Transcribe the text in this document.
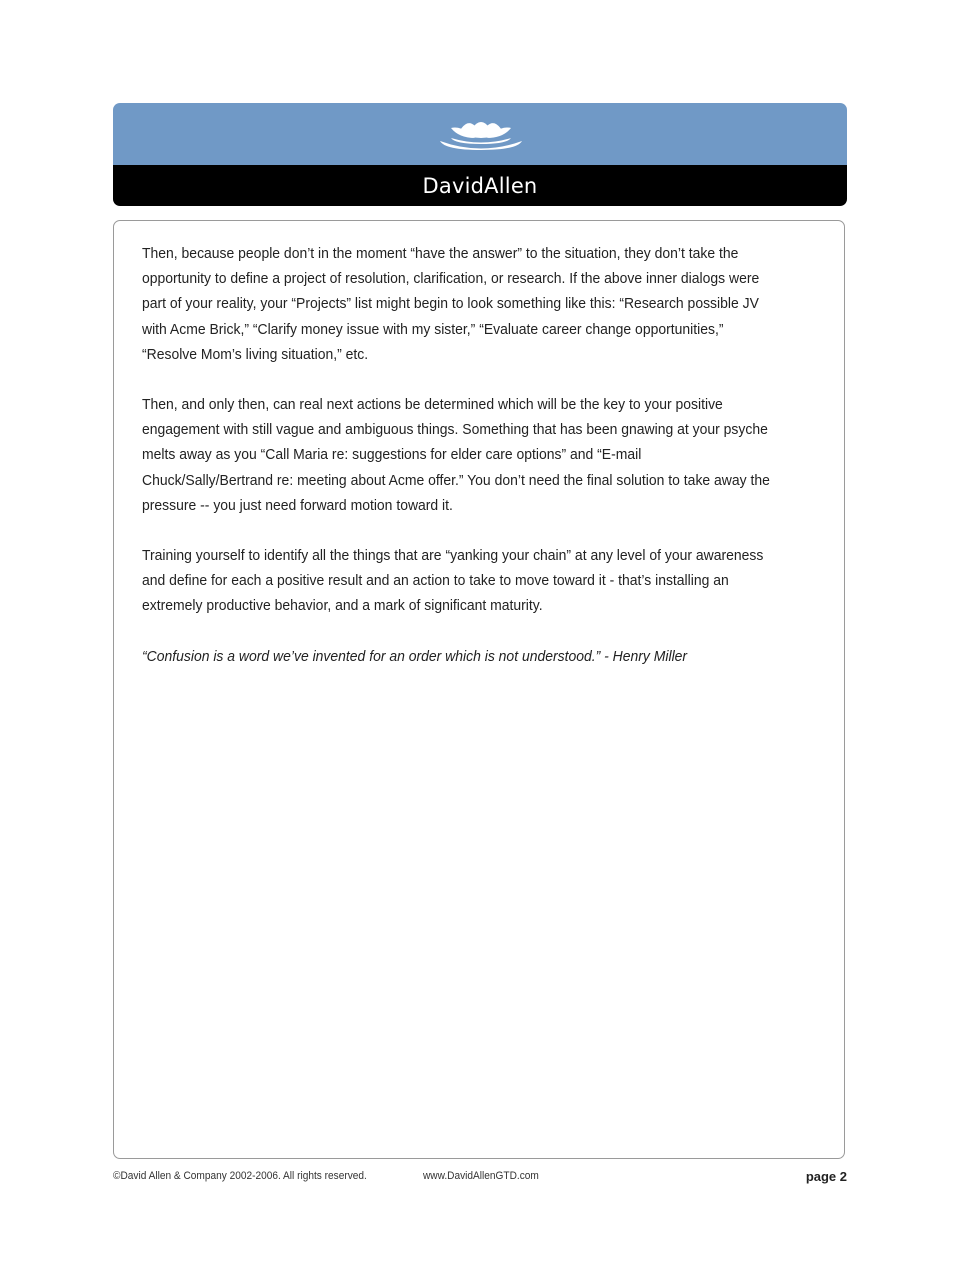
DavidAllen

Then, because people don’t in the moment “have the answer” to the situation, they don’t take the opportunity to define a project of resolution, clarification, or research. If the above inner dialogs were part of your reality, your “Projects” list might begin to look something like this: “Research possible JV with Acme Brick,” “Clarify money issue with my sister,” “Evaluate career change opportunities,” “Resolve Mom’s living situation,” etc.

Then, and only then, can real next actions be determined which will be the key to your positive engagement with still vague and ambiguous things. Something that has been gnawing at your psyche melts away as you “Call Maria re: suggestions for elder care options” and “E-mail Chuck/Sally/Bertrand re: meeting about Acme offer.” You don’t need the final solution to take away the pressure -- you just need forward motion toward it.

Training yourself to identify all the things that are “yanking your chain” at any level of your awareness and define for each a positive result and an action to take to move toward it - that’s installing an extremely productive behavior, and a mark of significant maturity.

“Confusion is a word we’ve invented for an order which is not understood.” - Henry Miller

©David Allen & Company 2002-2006. All rights reserved.	www.DavidAllenGTD.com	page 2
